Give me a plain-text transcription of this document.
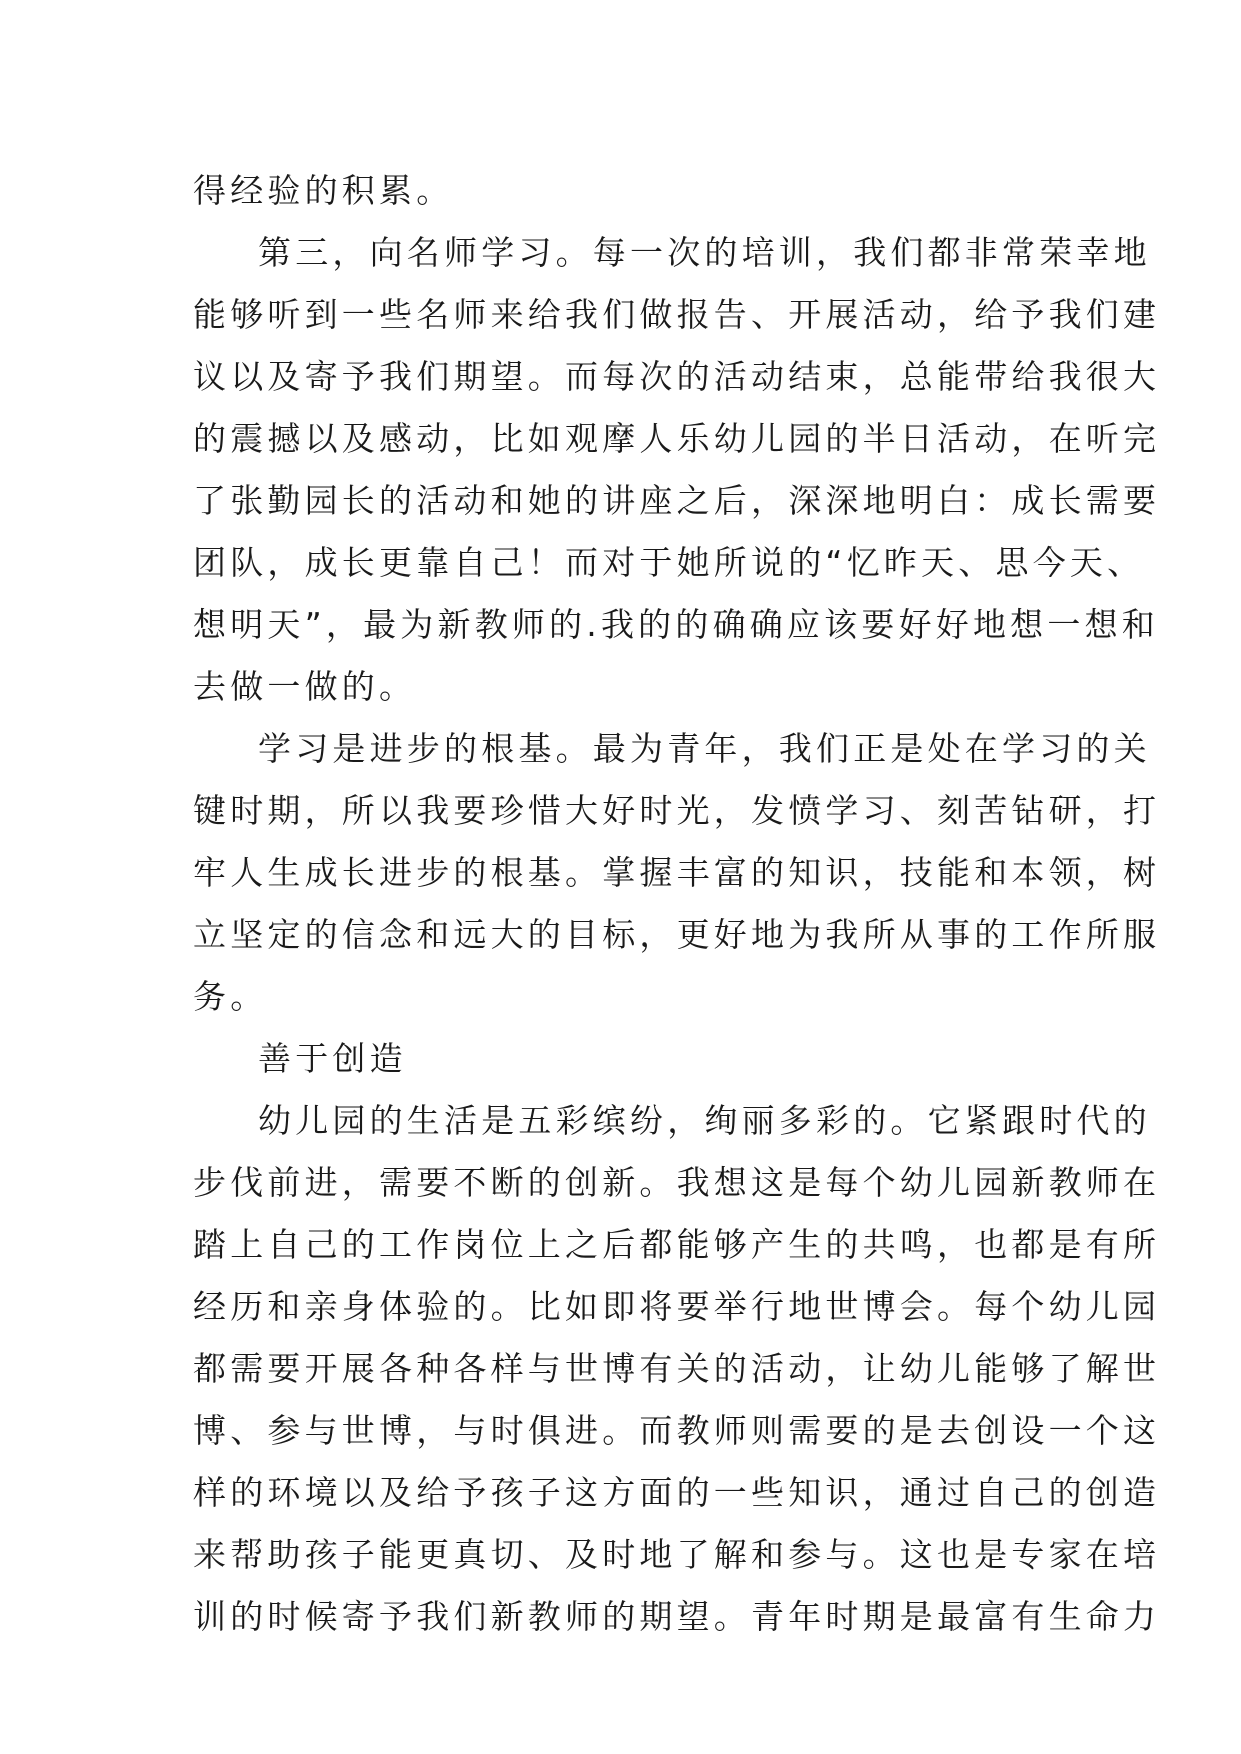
得经验的积累。
第三，向名师学习。每一次的培训，我们都非常荣幸地
能够听到一些名师来给我们做报告、开展活动，给予我们建
议以及寄予我们期望。而每次的活动结束，总能带给我很大
的震撼以及感动，比如观摩人乐幼儿园的半日活动，在听完
了张勤园长的活动和她的讲座之后，深深地明白：成长需要
团队，成长更靠自己！而对于她所说的“忆昨天、思今天、
想明天”，最为新教师的.我的的确确应该要好好地想一想和
去做一做的。
学习是进步的根基。最为青年，我们正是处在学习的关
键时期，所以我要珍惜大好时光，发愤学习、刻苦钻研，打
牢人生成长进步的根基。掌握丰富的知识，技能和本领，树
立坚定的信念和远大的目标，更好地为我所从事的工作所服
务。
善于创造
幼儿园的生活是五彩缤纷，绚丽多彩的。它紧跟时代的
步伐前进，需要不断的创新。我想这是每个幼儿园新教师在
踏上自己的工作岗位上之后都能够产生的共鸣，也都是有所
经历和亲身体验的。比如即将要举行地世博会。每个幼儿园
都需要开展各种各样与世博有关的活动，让幼儿能够了解世
博、参与世博，与时俱进。而教师则需要的是去创设一个这
样的环境以及给予孩子这方面的一些知识，通过自己的创造
来帮助孩子能更真切、及时地了解和参与。这也是专家在培
训的时候寄予我们新教师的期望。青年时期是最富有生命力
